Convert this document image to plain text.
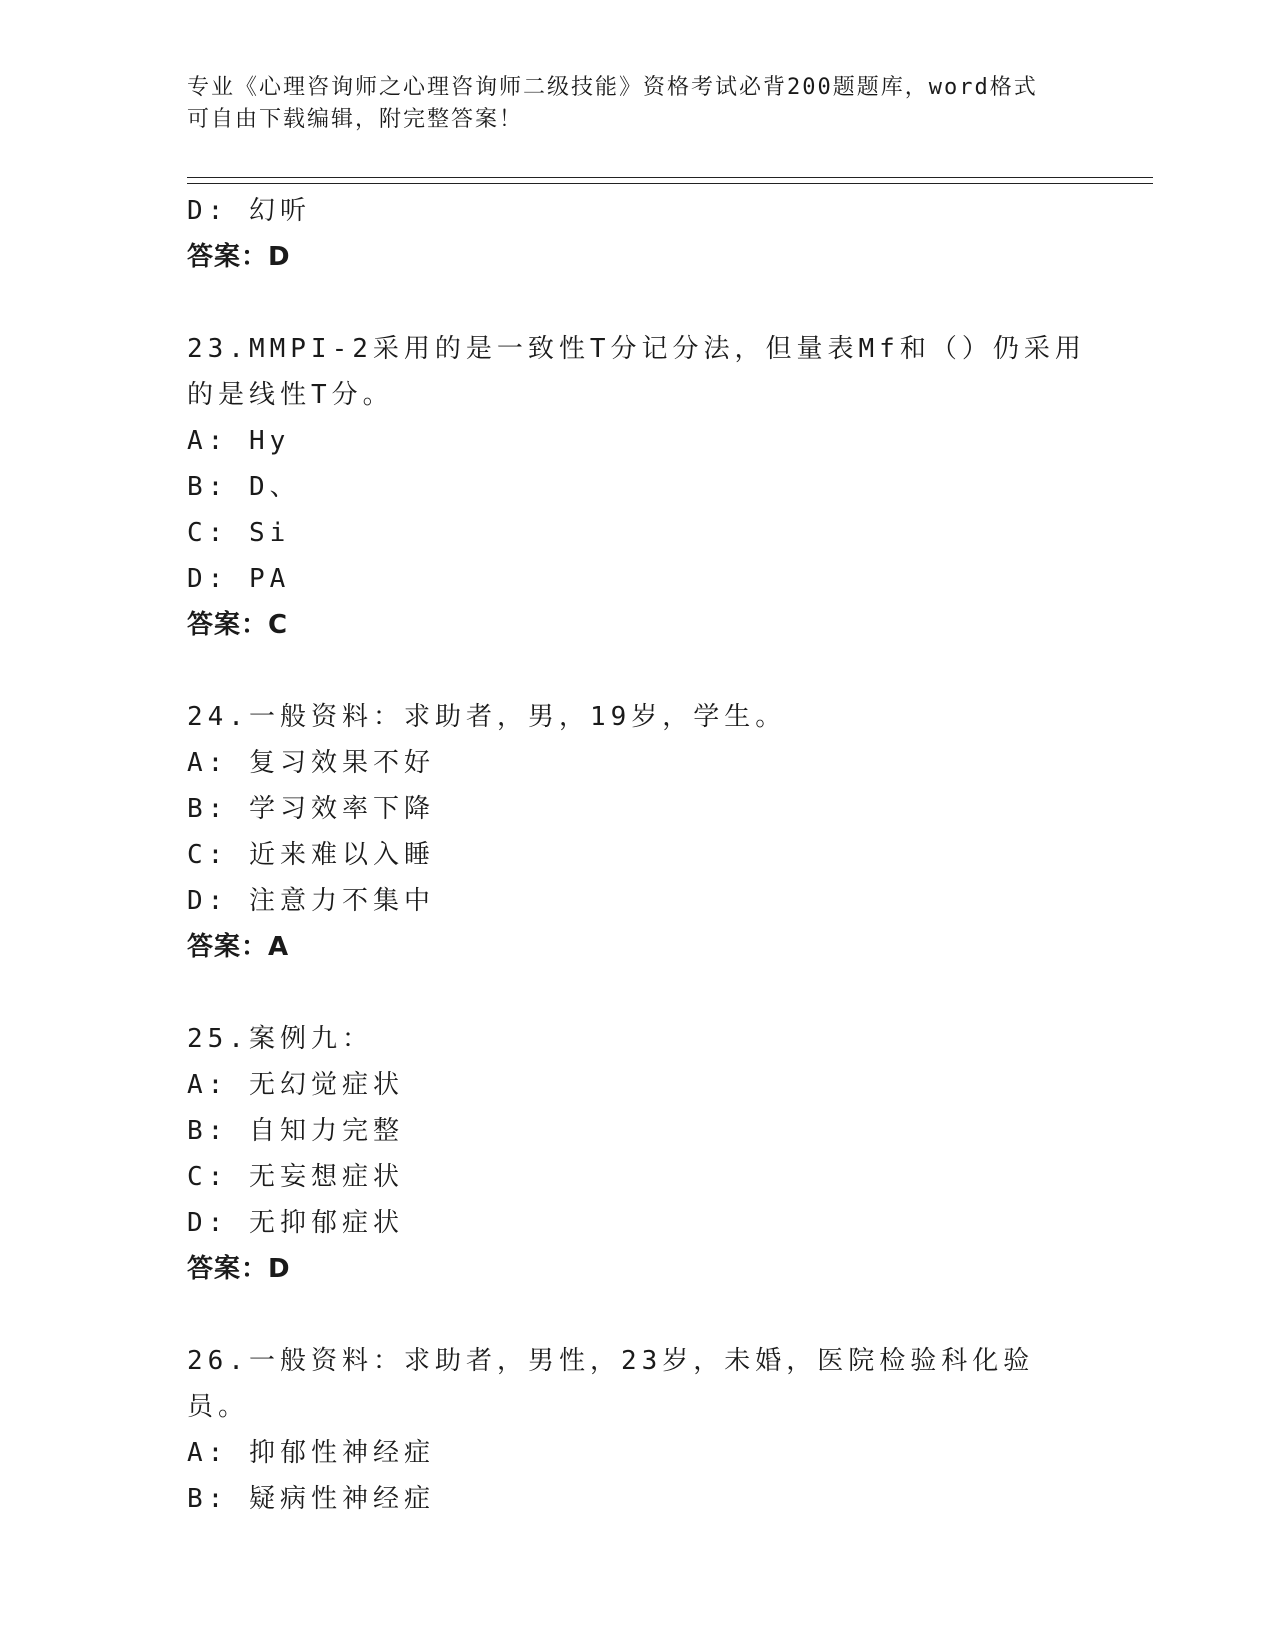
专业《心理咨询师之心理咨询师二级技能》资格考试必背200题题库，word格式
可自由下载编辑，附完整答案！
D: 幻听
答案：D
23.MMPI-2采用的是一致性T分记分法，但量表Mf和（）仍采用的是线性T分。
A: Hy
B: D、
C: Si
D: PA
答案：C
24.一般资料：求助者，男，19岁，学生。
A: 复习效果不好
B: 学习效率下降
C: 近来难以入睡
D: 注意力不集中
答案：A
25.案例九：
A: 无幻觉症状
B: 自知力完整
C: 无妄想症状
D: 无抑郁症状
答案：D
26.一般资料：求助者，男性，23岁，未婚，医院检验科化验员。
A: 抑郁性神经症
B: 疑病性神经症
